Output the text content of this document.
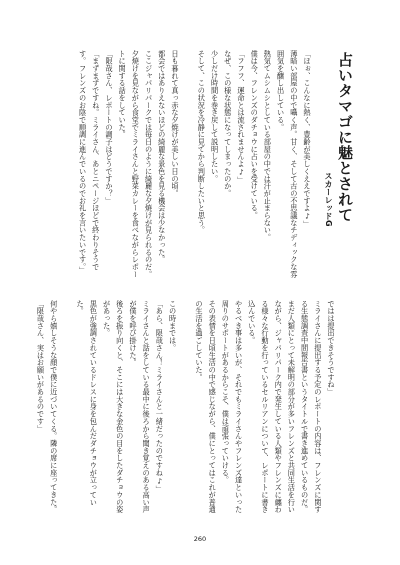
占いタマゴに魅とされて
スカーレッドG
「ほぉ、こんなに熱く、豊齢が美しくええですよ♪」
薄暗い部屋の中で囁く声。甘く、そして古の不思議なチディックな雰囲気を醸し出している。
熱気てムシムシとしている部屋の中では汗が止まらない。
僕は今、フレンズのダチョウに占いを受けている。
「フフフ、運命とは流されませんよ♪」
なぜ、この様な状態になってしまったのか。
少しだけ時間を巻き戻して説明したい。
そして、この状況を冷静に見てから判断したいと思う。

日も暮れて真っ赤な夕焼けが美しい日の頃。
都会ではありえないほどの綺麗な景色を見る機会は少なかった。
ここジャパリパークでは毎日のように綺麗な夕焼けが見られるのだ。
夕焼けを見ながら食堂でミライさんと野菜カレーを食べながらレポートに関する話をしていた。
「限哉さん、レポートの調子はどうですか？」
「まずまずですね。ミライさん、あとニページほどで終わりそうです。フレンズのお陰で順調に進んでいるのでお礼を言いたいです。」
ではは提出できそうですね」
ミライさんに提出する予定のレポートの内容は、フレンズに関する生態調査中間報告書というタイトルで書き進めているものだ。
まだ人類にとって未解明の部分が多いフレンズと共同生活を行いながら、ジャパリパーク内で発生している人類やフレンズに纏わる様々な行動を行っているセルリアンについて、レポートに書き込んでいる。
やるべき事は多いが、それでもミライさんやフレンズ達といった周りのサポートがあるからこそ、僕は頑張っていける。
その表情を日頃生活の中で感じながら、僕にとってはこれが普通の生活を過ごしていた。

この時までは。
「あら、限哉さん！ミライさんと一緒だったのですね♪」
ミライさんと話をしている最中に後ろから聞き覚えのある高い声が僕を呼び掛けた。
後ろを振り向くと、そこには大きな金色の目をしたダチョウの姿があった。
黒色が強調されているドレスに身を包んだダチョウが立っていた。

何やら嬉しそうな顔で僕に近づいてくる。隣の席に座ってきた。
「限哉さん、実はお願いがあるのです」
260
